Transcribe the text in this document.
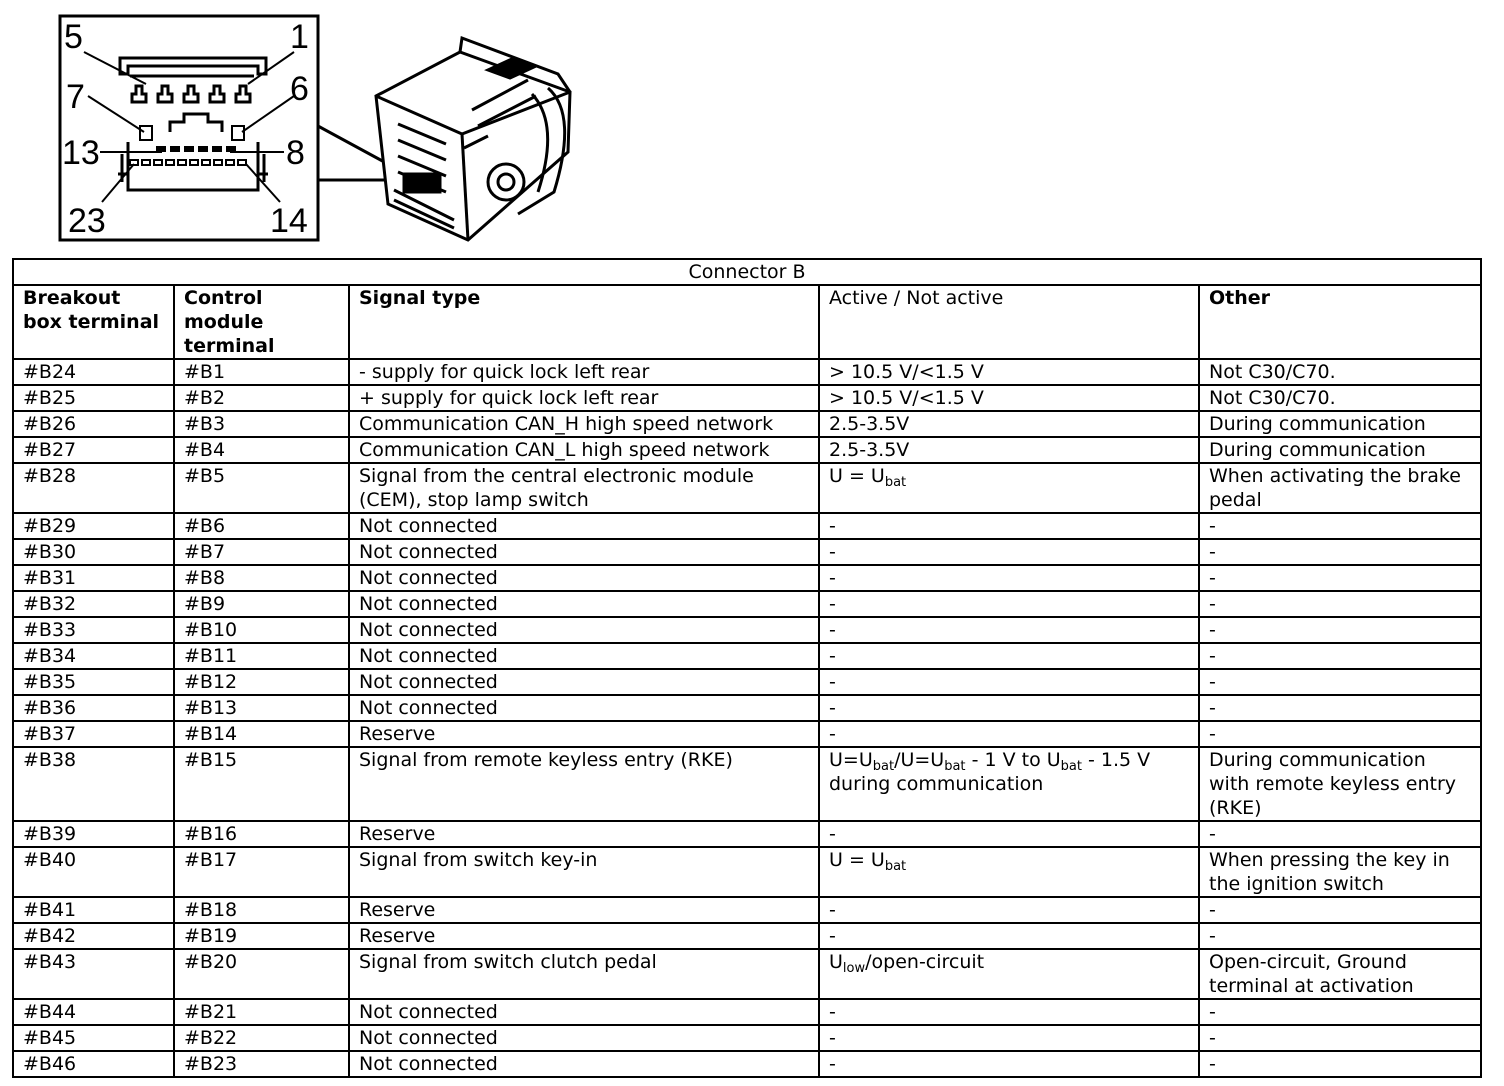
5	1
7	6
13	8
23	14
Connector B				
Breakout box terminal	Control module terminal	Signal type	Active / Not active	Other
#B24	#B1	- supply for quick lock left rear	> 10.5 V/<1.5 V	Not C30/C70.
#B25	#B2	+ supply for quick lock left rear	> 10.5 V/<1.5 V	Not C30/C70.
#B26	#B3	Communication CAN_H high speed network	2.5-3.5V	During communication
#B27	#B4	Communication CAN_L high speed network	2.5-3.5V	During communication
#B28	#B5	Signal from the central electronic module (CEM), stop lamp switch	$U = U_{bat}$	When activating the brake pedal
#B29	#B6	Not connected	-	-
#B30	#B7	Not connected	-	-
#B31	#B8	Not connected	-	-
#B32	#B9	Not connected	-	-
#B33	#B10	Not connected	-	-
#B34	#B11	Not connected	-	-
#B35	#B12	Not connected	-	-
#B36	#B13	Not connected	-	-
#B37	#B14	Reserve	-	-
#B38	#B15	Signal from remote keyless entry (RKE)	$U=U_{bat}/U=U_{bat} - 1$ V to $U_{bat} - 1.5$ V during communication	During communication with remote keyless entry (RKE)
#B39	#B16	Reserve	-	-
#B40	#B17	Signal from switch key-in	$U = U_{bat}$	When pressing the key in the ignition switch
#B41	#B18	Reserve	-	-
#B42	#B19	Reserve	-	-
#B43	#B20	Signal from switch clutch pedal	$U_{low}/open$-circuit	Open-circuit, Ground terminal at activation
#B44	#B21	Not connected	-	-
#B45	#B22	Not connected	-	-
#B46	#B23	Not connected	-	-
